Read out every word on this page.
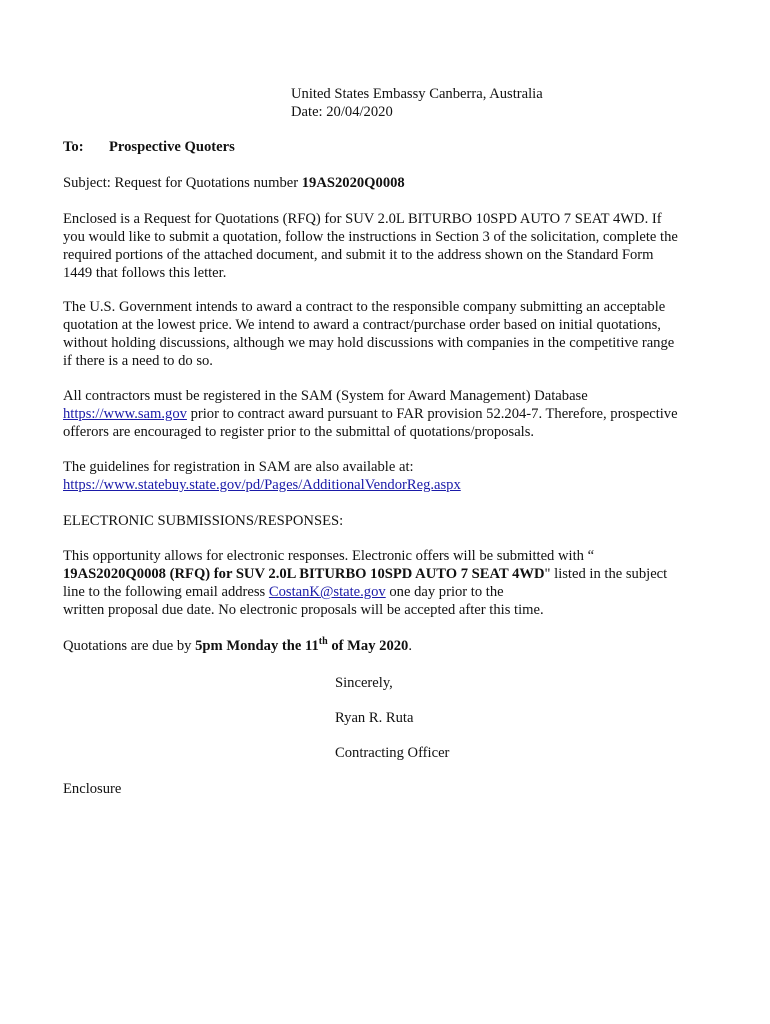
United States Embassy Canberra, Australia
Date: 20/04/2020
To: Prospective Quoters
Subject: Request for Quotations number 19AS2020Q0008
Enclosed is a Request for Quotations (RFQ) for SUV 2.0L BITURBO 10SPD AUTO 7 SEAT 4WD. If
you would like to submit a quotation, follow the instructions in Section 3 of the solicitation, complete the
required portions of the attached document, and submit it to the address shown on the Standard Form
1449 that follows this letter.
The U.S. Government intends to award a contract to the responsible company submitting an acceptable
quotation at the lowest price. We intend to award a contract/purchase order based on initial quotations,
without holding discussions, although we may hold discussions with companies in the competitive range
if there is a need to do so.
All contractors must be registered in the SAM (System for Award Management) Database
https://www.sam.gov prior to contract award pursuant to FAR provision 52.204-7. Therefore, prospective
offerors are encouraged to register prior to the submittal of quotations/proposals.
The guidelines for registration in SAM are also available at:
https://www.statebuy.state.gov/pd/Pages/AdditionalVendorReg.aspx
ELECTRONIC SUBMISSIONS/RESPONSES:
This opportunity allows for electronic responses. Electronic offers will be submitted with “
19AS2020Q0008 (RFQ) for SUV 2.0L BITURBO 10SPD AUTO 7 SEAT 4WD" listed in the subject
line to the following email address CostanK@state.gov one day prior to the
written proposal due date. No electronic proposals will be accepted after this time.
Quotations are due by 5pm Monday the 11th of May 2020.
Sincerely,
Ryan R. Ruta
Contracting Officer
Enclosure
